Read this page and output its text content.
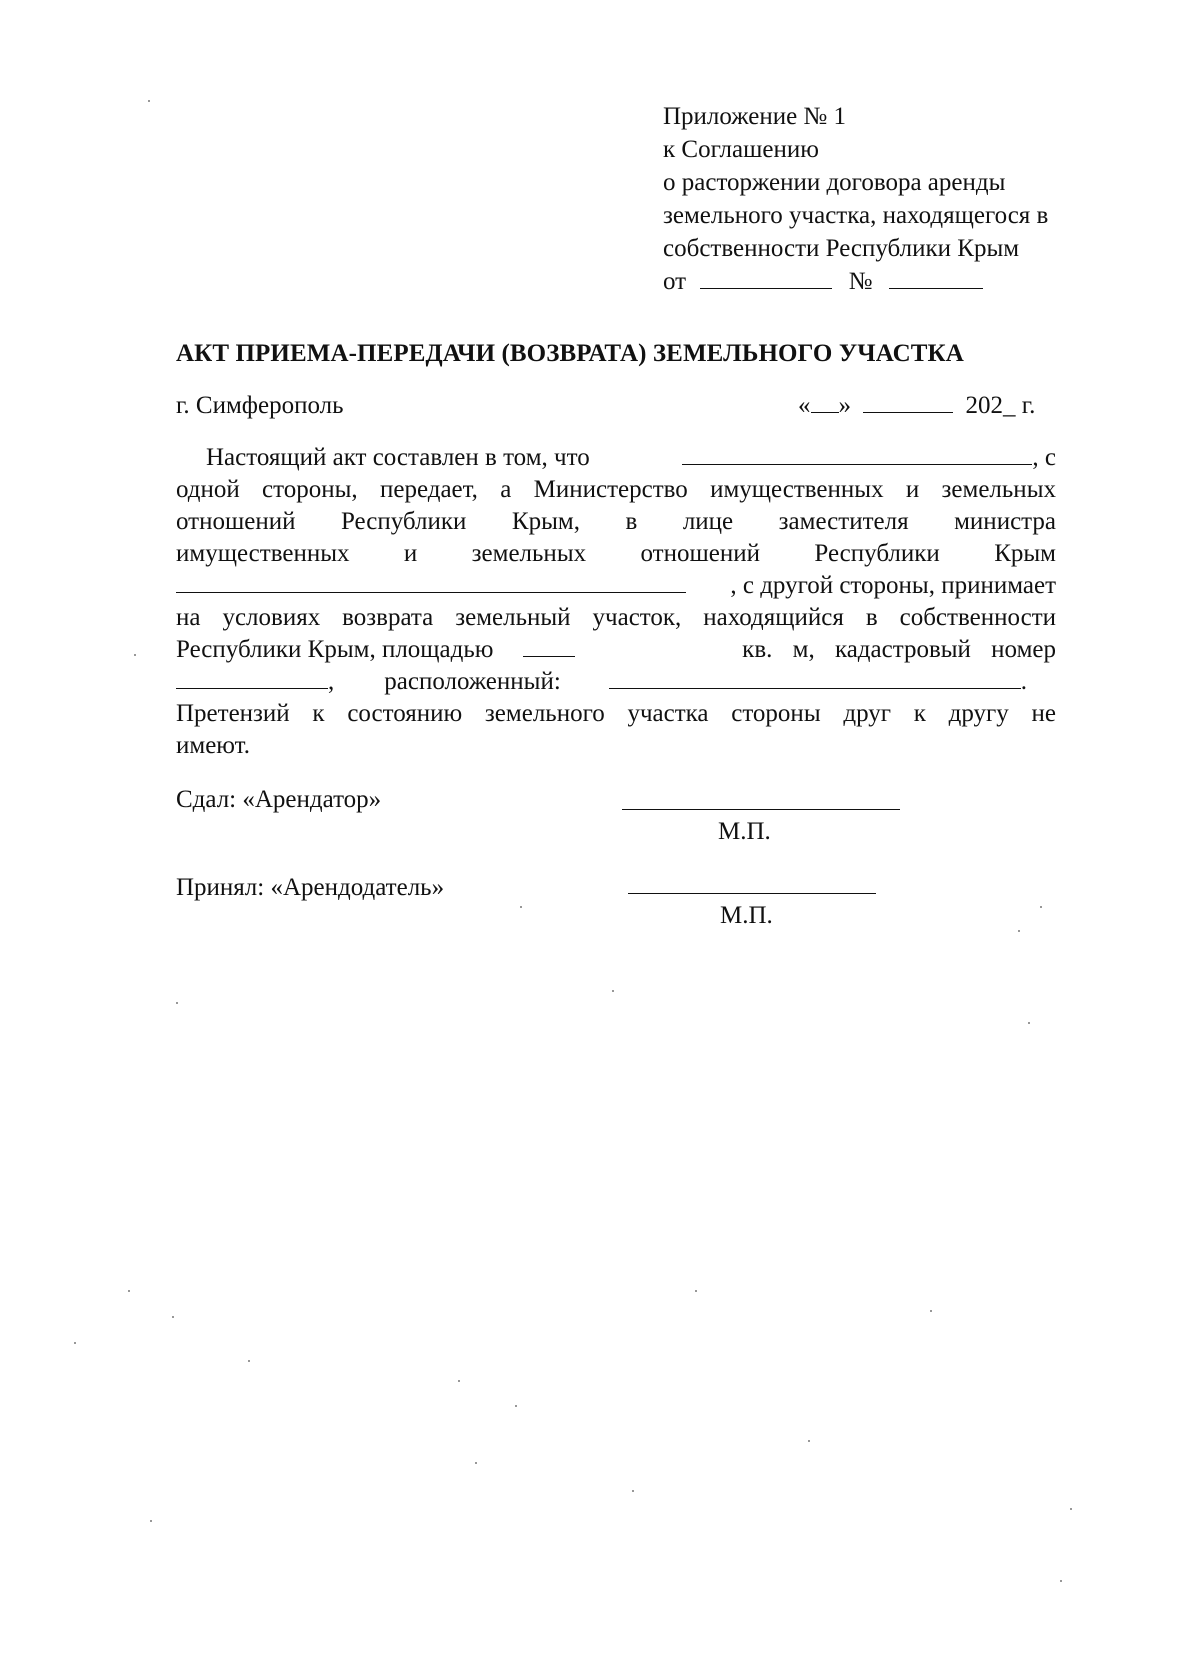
Приложение № 1
к Соглашению
о расторжении договора аренды
земельного участка, находящегося в
собственности Республики Крым
от	№
АКТ ПРИЕМА-ПЕРЕДАЧИ (ВОЗВРАТА) ЗЕМЕЛЬНОГО УЧАСТКА
г. Симферополь	« »	202_ г.
Настоящий акт составлен в том, что	, с
одной стороны, передает, а Министерство имущественных и земельных
отношений Республики Крым, в лице заместителя министра
имущественных и земельных отношений Республики Крым
, с другой стороны, принимает
на условиях возврата земельный участок, находящийся в собственности
Республики Крым, площадью	кв. м, кадастровый номер
, расположенный:	.
Претензий к состоянию земельного участка стороны друг к другу не
имеют.
Сдал: «Арендатор»
М.П.
Принял: «Арендодатель»
М.П.
